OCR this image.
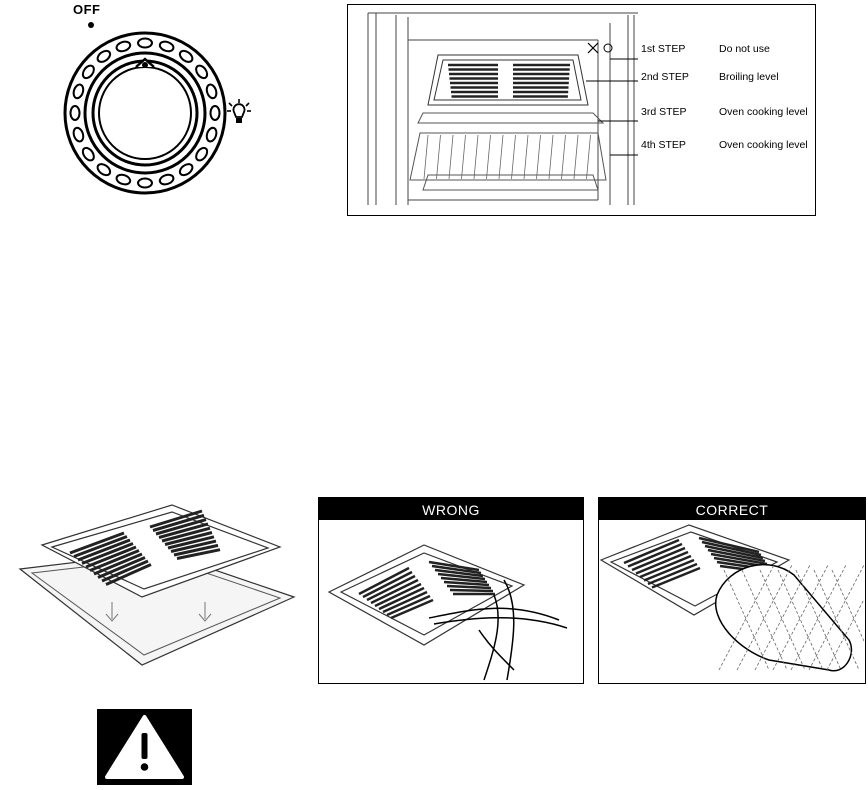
OFF
1st STEP	Do not use
2nd STEP	Broiling level
3rd STEP	Oven cooking level
4th STEP	Oven cooking level
WRONG	CORRECT
